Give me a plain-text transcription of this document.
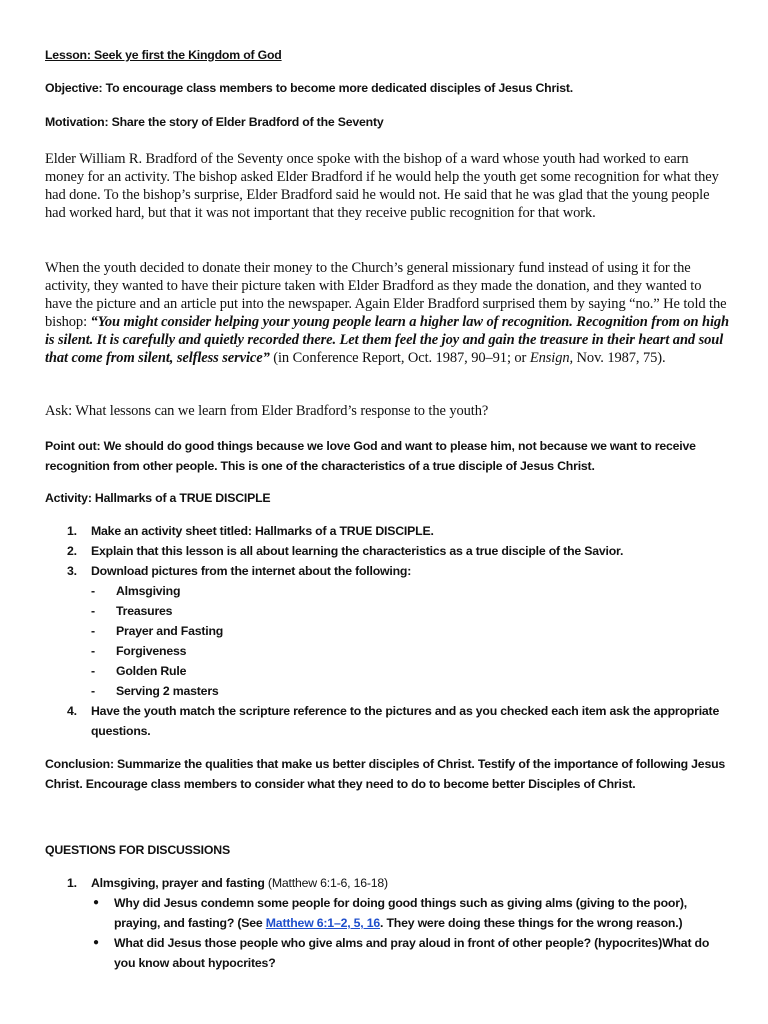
Lesson: Seek ye first the Kingdom of God

Objective: To encourage class members to become more dedicated disciples of Jesus Christ.

Motivation: Share the story of Elder Bradford of the Seventy

Elder William R. Bradford of the Seventy once spoke with the bishop of a ward whose youth had worked to earn money for an activity. The bishop asked Elder Bradford if he would help the youth get some recognition for what they had done. To the bishop’s surprise, Elder Bradford said he would not. He said that he was glad that the young people had worked hard, but that it was not important that they receive public recognition for that work.

When the youth decided to donate their money to the Church’s general missionary fund instead of using it for the activity, they wanted to have their picture taken with Elder Bradford as they made the donation, and they wanted to have the picture and an article put into the newspaper. Again Elder Bradford surprised them by saying “no.” He told the bishop: “You might consider helping your young people learn a higher law of recognition. Recognition from on high is silent. It is carefully and quietly recorded there. Let them feel the joy and gain the treasure in their heart and soul that come from silent, selfless service” (in Conference Report, Oct. 1987, 90–91; or Ensign, Nov. 1987, 75).

Ask: What lessons can we learn from Elder Bradford’s response to the youth?

Point out: We should do good things because we love God and want to please him, not because we want to receive recognition from other people. This is one of the characteristics of a true disciple of Jesus Christ.

Activity: Hallmarks of a TRUE DISCIPLE

1. Make an activity sheet titled: Hallmarks of a TRUE DISCIPLE.
2. Explain that this lesson is all about learning the characteristics as a true disciple of the Savior.
3. Download pictures from the internet about the following:
- Almsgiving
- Treasures
- Prayer and Fasting
- Forgiveness
- Golden Rule
- Serving 2 masters
4. Have the youth match the scripture reference to the pictures and as you checked each item ask the appropriate questions.

Conclusion: Summarize the qualities that make us better disciples of Christ. Testify of the importance of following Jesus Christ. Encourage class members to consider what they need to do to become better Disciples of Christ.

QUESTIONS FOR DISCUSSIONS

1. Almsgiving, prayer and fasting (Matthew 6:1-6, 16-18)
● Why did Jesus condemn some people for doing good things such as giving alms (giving to the poor), praying, and fasting? (See Matthew 6:1–2, 5, 16. They were doing these things for the wrong reason.)
● What did Jesus those people who give alms and pray aloud in front of other people? (hypocrites)What do you know about hypocrites?
